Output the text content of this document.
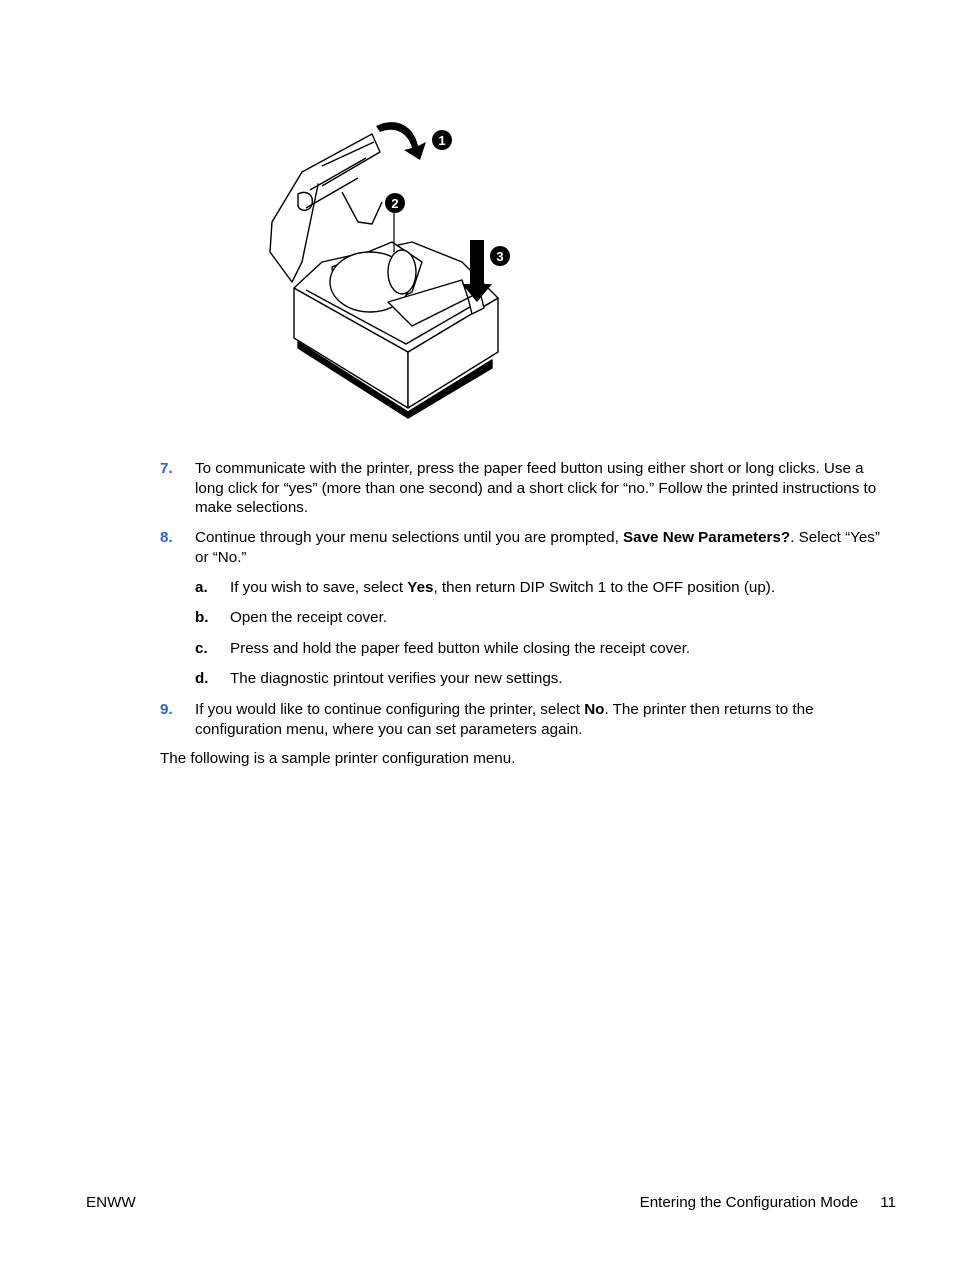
1
2
3
7. To communicate with the printer, press the paper feed button using either short or long clicks. Use a long click for “yes” (more than one second) and a short click for “no.” Follow the printed instructions to make selections.
8. Continue through your menu selections until you are prompted, Save New Parameters?. Select “Yes” or “No.”
a. If you wish to save, select Yes, then return DIP Switch 1 to the OFF position (up).
b. Open the receipt cover.
c. Press and hold the paper feed button while closing the receipt cover.
d. The diagnostic printout verifies your new settings.
9. If you would like to continue configuring the printer, select No. The printer then returns to the configuration menu, where you can set parameters again.
The following is a sample printer configuration menu.
ENWW	Entering the Configuration Mode 11
